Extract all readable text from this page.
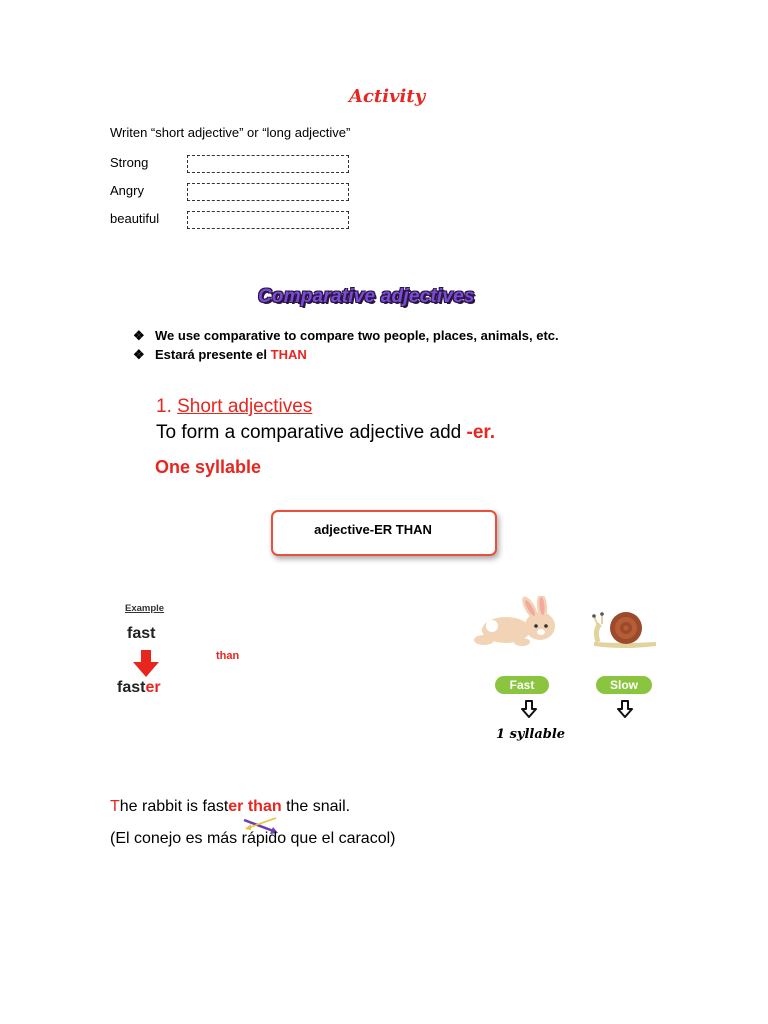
Activity
Writen “short adjective” or “long adjective”
Strong
Angry
beautiful
Comparative adjectives
❖ We use comparative to compare two people, places, animals, etc.
❖ Estará presente el THAN
1. Short adjectives
To form a comparative adjective add -er.
One syllable
adjective-ER THAN
Example
fast
faster
than
Fast	Slow
1 syllable
The rabbit is faster than the snail.
(El conejo es más rápido que el caracol)
